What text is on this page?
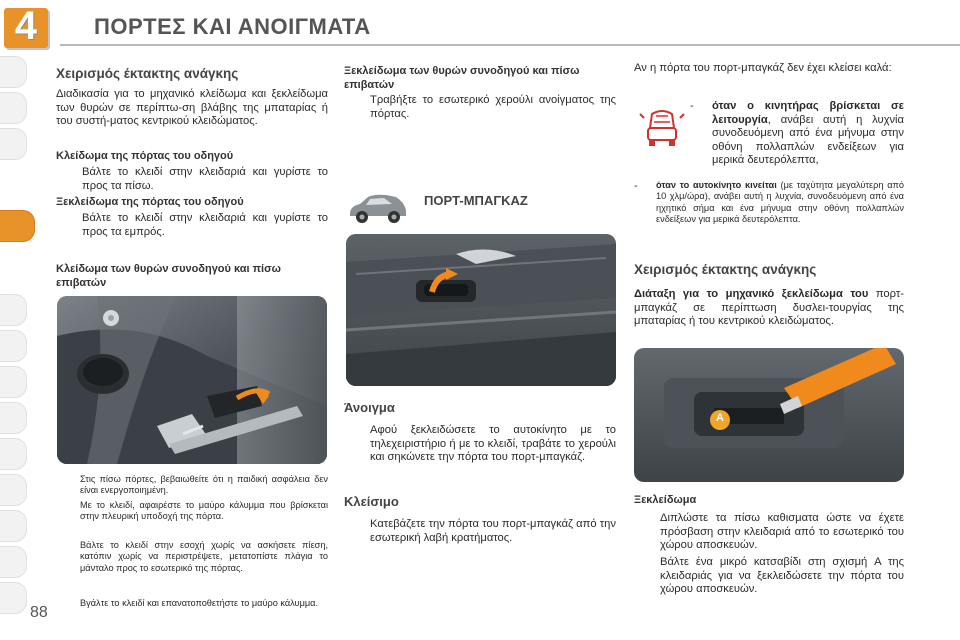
4	ΠΟΡΤΕΣ ΚΑΙ ΑΝΟΙΓΜΑΤΑ
88
Χειρισμός έκτακτης ανάγκης
Διαδικασία για το μηχανικό κλείδωμα και ξεκλείδωμα των θυρών σε περίπτω-ση βλάβης της μπαταρίας ή του συστή-ματος κεντρικού κλειδώματος.
Κλείδωμα της πόρτας του οδηγού
Βάλτε το κλειδί στην κλειδαριά και γυρίστε το προς τα πίσω.
Ξεκλείδωμα της πόρτας του οδηγού
Βάλτε το κλειδί στην κλειδαριά και γυρίστε το προς τα εμπρός.
Κλείδωμα των θυρών συνοδηγού και πίσω επιβατών
Στις πίσω πόρτες, βεβαιωθείτε ότι η παιδική ασφάλεια δεν είναι ενεργοποιημένη.
Με το κλειδί, αφαιρέστε το μαύρο κάλυμμα που βρίσκεται στην πλευρική υποδοχή της πόρτα.
Βάλτε το κλειδί στην εσοχή χωρίς να ασκήσετε πίεση, κατόπιν χωρίς να περιστρέψετε, μετατοπίστε πλάγια το μάνταλο προς το εσωτερικό της πόρτας.
Βγάλτε το κλειδί και επανατοποθετήστε το μαύρο κάλυμμα.
Ξεκλείδωμα των θυρών συνοδηγού και πίσω επιβατών
Τραβήξτε το εσωτερικό χερούλι ανοίγματος της πόρτας.
ΠΟΡΤ-ΜΠΑΓΚΑΖ
Άνοιγμα
Αφού ξεκλειδώσετε το αυτοκίνητο με το τηλεχειριστήριο ή με το κλειδί, τραβάτε το χερούλι και σηκώνετε την πόρτα του πορτ-μπαγκάζ.
Κλείσιμο
Κατεβάζετε την πόρτα του πορτ-μπαγκάζ από την εσωτερική λαβή κρατήματος.
Αν η πόρτα του πορτ-μπαγκάζ δεν έχει κλείσει καλά:
- όταν ο κινητήρας βρίσκεται σε λειτουργία, ανάβει αυτή η λυχνία συνοδευόμενη από ένα μήνυμα στην οθόνη πολλαπλών ενδείξεων για μερικά δευτερόλεπτα,
- όταν το αυτοκίνητο κινείται (με ταχύτητα μεγαλύτερη από 10 χλμ/ώρα), ανάβει αυτή η λυχνία, συνοδευόμενη από ένα ηχητικό σήμα και ένα μήνυμα στην οθόνη πολλαπλών ενδείξεων για μερικά δευτερόλεπτα.
Χειρισμός έκτακτης ανάγκης
Διάταξη για το μηχανικό ξεκλείδωμα του πορτ-μπαγκάζ σε περίπτωση δυσλει-τουργίας της μπαταρίας ή του κεντρικού κλειδώματος.
A
Ξεκλείδωμα
Διπλώστε τα πίσω καθισματα ώστε να έχετε πρόσβαση στην κλειδαριά από το εσωτερικό του χώρου αποσκευών.
Βάλτε ένα μικρό κατσαβίδι στη σχισμή A της κλειδαριάς για να ξεκλειδώσετε την πόρτα του χώρου αποσκευών.
